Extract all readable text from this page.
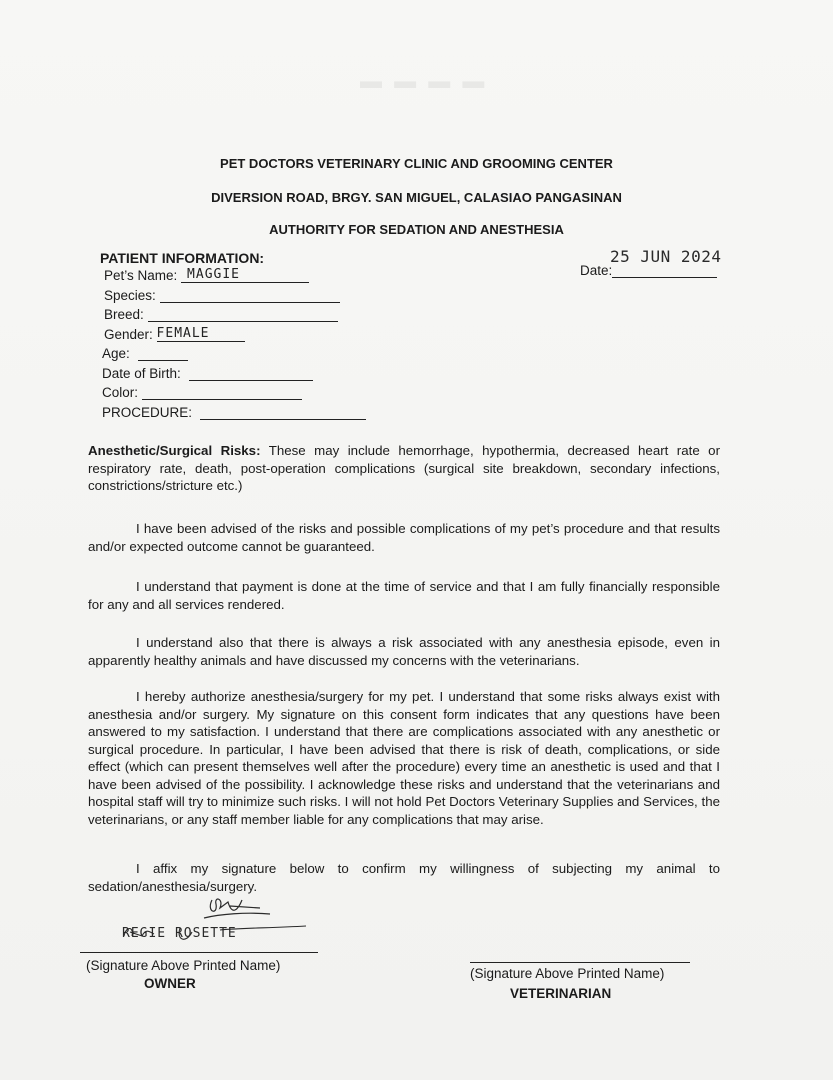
▬ ▬ ▬ ▬
PET DOCTORS VETERINARY CLINIC AND GROOMING CENTER
DIVERSION ROAD, BRGY. SAN MIGUEL, CALASIAO PANGASINAN
AUTHORITY FOR SEDATION AND ANESTHESIA
PATIENT INFORMATION:
Pet’s Name: MAGGIE
Species:
Breed:
Gender: FEMALE
Age:
Date of Birth:
Color:
PROCEDURE:
Date:
25 JUN 2024
Anesthetic/Surgical Risks: These may include hemorrhage, hypothermia, decreased heart rate or respiratory rate, death, post-operation complications (surgical site breakdown, secondary infections, constrictions/stricture etc.)
I have been advised of the risks and possible complications of my pet’s procedure and that results and/or expected outcome cannot be guaranteed.
I understand that payment is done at the time of service and that I am fully financially responsible for any and all services rendered.
I understand also that there is always a risk associated with any anesthesia episode, even in apparently healthy animals and have discussed my concerns with the veterinarians.
I hereby authorize anesthesia/surgery for my pet. I understand that some risks always exist with anesthesia and/or surgery. My signature on this consent form indicates that any questions have been answered to my satisfaction. I understand that there are complications associated with any anesthetic or surgical procedure. In particular, I have been advised that there is risk of death, complications, or side effect (which can present themselves well after the procedure) every time an anesthetic is used and that I have been advised of the possibility. I acknowledge these risks and understand that the veterinarians and hospital staff will try to minimize such risks. I will not hold Pet Doctors Veterinary Supplies and Services, the veterinarians, or any staff member liable for any complications that may arise.
I affix my signature below to confirm my willingness of subjecting my animal to sedation/anesthesia/surgery.
REGIE ROSETTE
(Signature Above Printed Name)
OWNER
(Signature Above Printed Name)
VETERINARIAN
